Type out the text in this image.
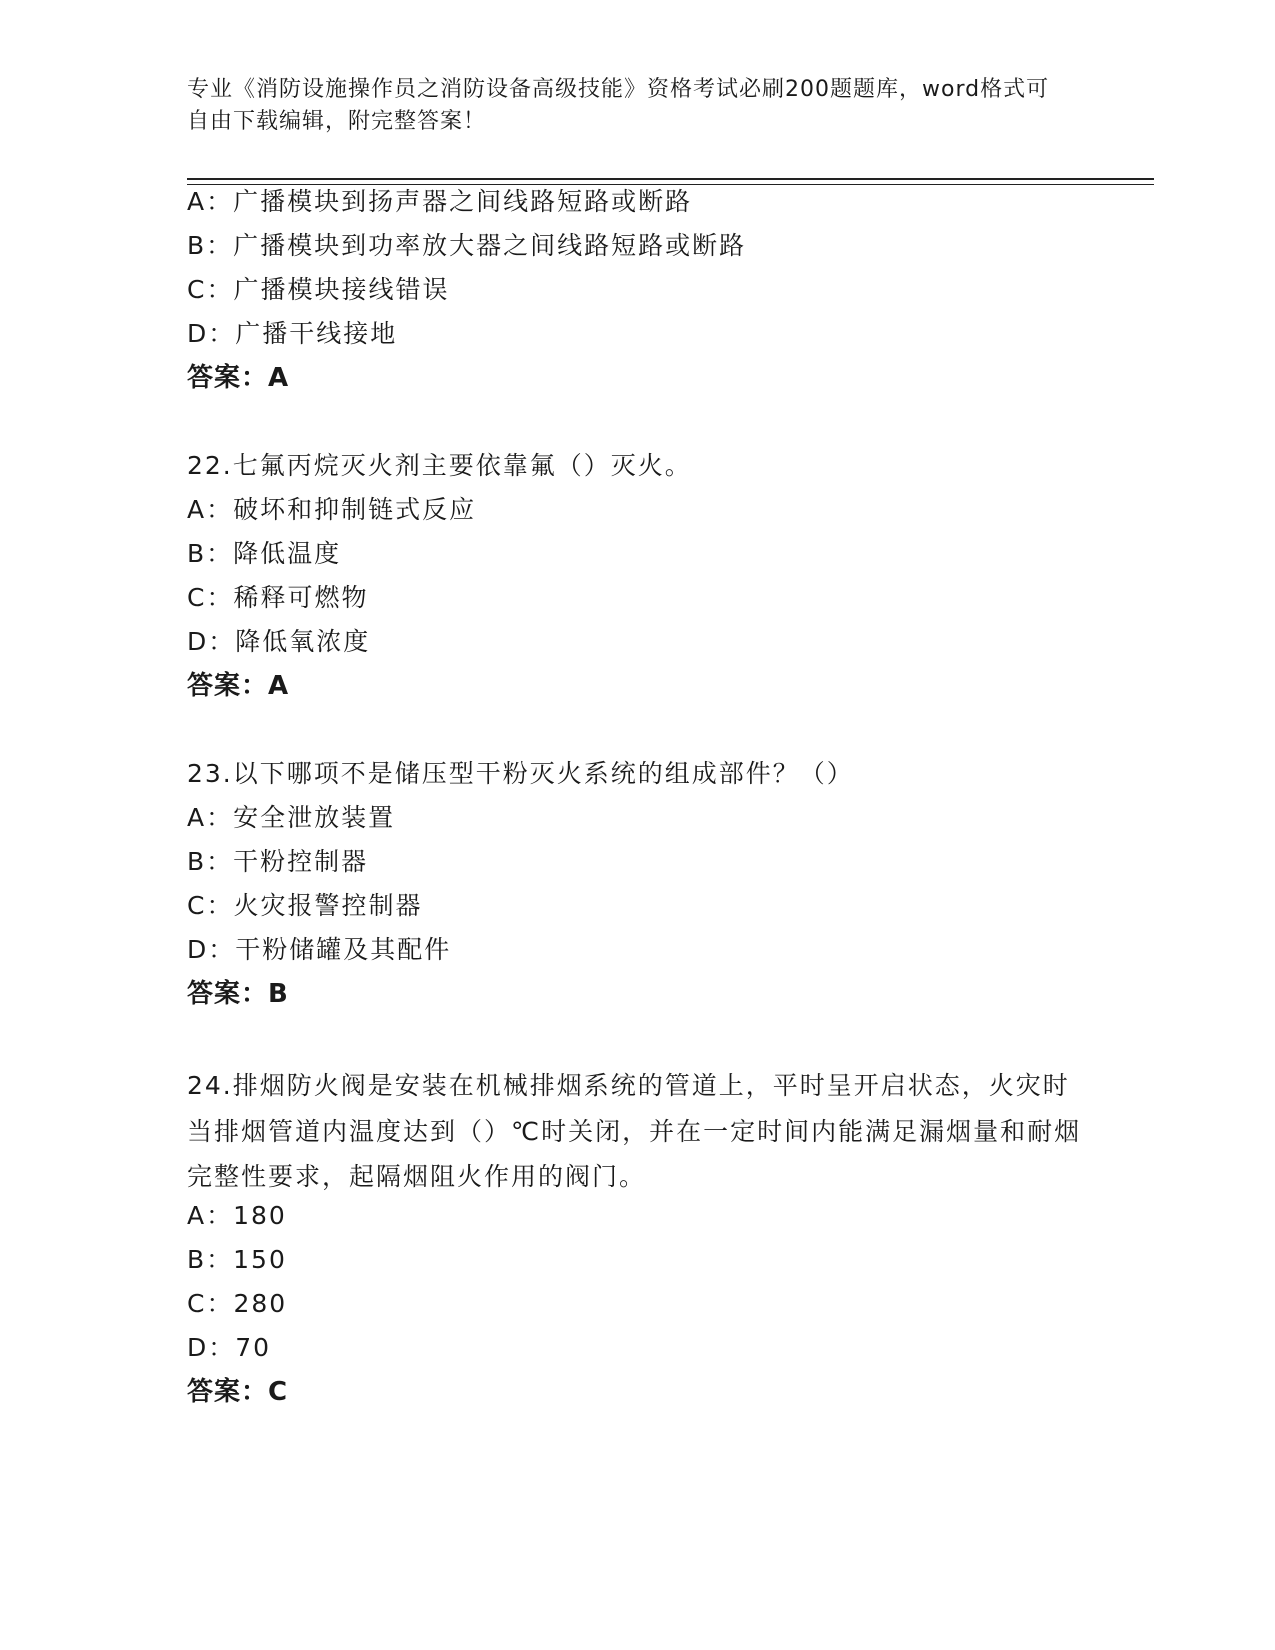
专业《消防设施操作员之消防设备高级技能》资格考试必刷200题题库，word格式可自由下载编辑，附完整答案！
A：广播模块到扬声器之间线路短路或断路
B：广播模块到功率放大器之间线路短路或断路
C：广播模块接线错误
D：广播干线接地
答案：A
22.七氟丙烷灭火剂主要依靠氟（）灭火。
A：破坏和抑制链式反应
B：降低温度
C：稀释可燃物
D：降低氧浓度
答案：A
23.以下哪项不是储压型干粉灭火系统的组成部件？（）
A：安全泄放装置
B：干粉控制器
C：火灾报警控制器
D：干粉储罐及其配件
答案：B
24.排烟防火阀是安装在机械排烟系统的管道上，平时呈开启状态，火灾时当排烟管道内温度达到（）℃时关闭，并在一定时间内能满足漏烟量和耐烟完整性要求，起隔烟阻火作用的阀门。
A：180
B：150
C：280
D：70
答案：C
